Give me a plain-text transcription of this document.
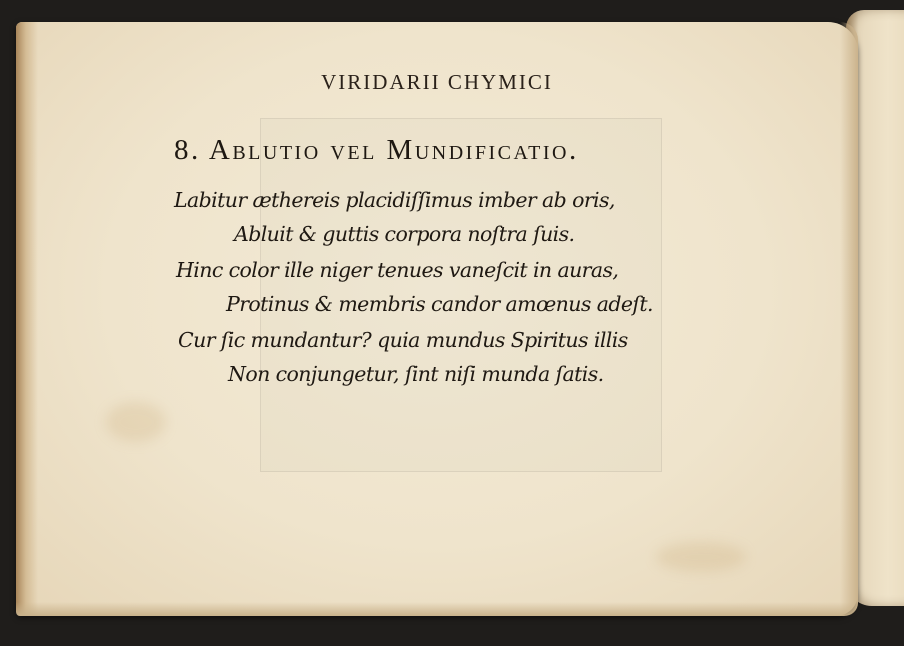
VIRIDARII CHYMICI
8. Ablutio vel Mundificatio.
Labitur æthereis placidiſſimus imber ab oris,
Abluit & guttis corpora noſtra ſuis.
Hinc color ille niger tenues vaneſcit in auras,
Protinus & membris candor amœnus adeſt.
Cur ſic mundantur? quia mundus Spiritus illis
Non conjungetur, ſint niſi munda ſatis.
